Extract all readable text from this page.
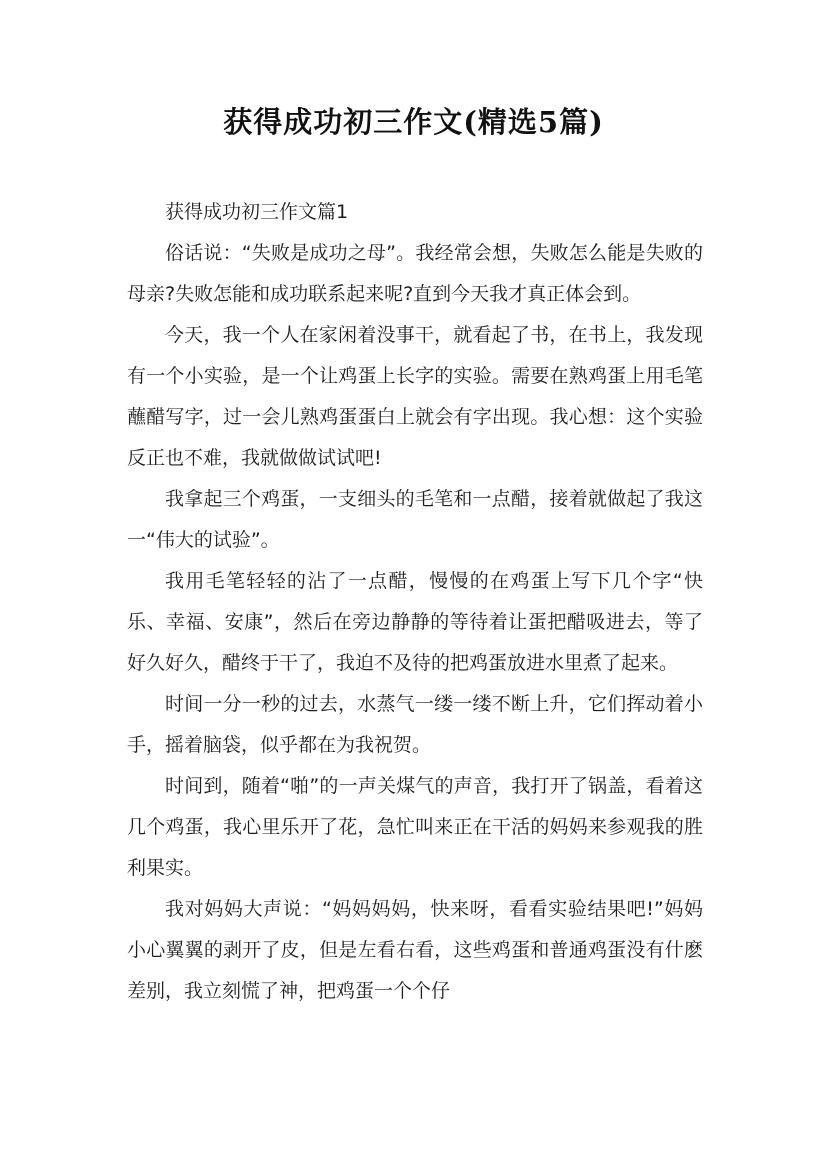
获得成功初三作文(精选5篇)

获得成功初三作文篇1

俗话说：“失败是成功之母”。我经常会想，失败怎么能是失败的母亲?失败怎能和成功联系起来呢?直到今天我才真正体会到。

今天，我一个人在家闲着没事干，就看起了书，在书上，我发现有一个小实验，是一个让鸡蛋上长字的实验。需要在熟鸡蛋上用毛笔蘸醋写字，过一会儿熟鸡蛋蛋白上就会有字出现。我心想：这个实验反正也不难，我就做做试试吧!

我拿起三个鸡蛋，一支细头的毛笔和一点醋，接着就做起了我这一“伟大的试验”。

我用毛笔轻轻的沾了一点醋，慢慢的在鸡蛋上写下几个字“快乐、幸福、安康”，然后在旁边静静的等待着让蛋把醋吸进去，等了好久好久，醋终于干了，我迫不及待的把鸡蛋放进水里煮了起来。

时间一分一秒的过去，水蒸气一缕一缕不断上升，它们挥动着小手，摇着脑袋，似乎都在为我祝贺。

时间到，随着“啪”的一声关煤气的声音，我打开了锅盖，看着这几个鸡蛋，我心里乐开了花，急忙叫来正在干活的妈妈来参观我的胜利果实。

我对妈妈大声说：“妈妈妈妈，快来呀，看看实验结果吧!”妈妈小心翼翼的剥开了皮，但是左看右看，这些鸡蛋和普通鸡蛋没有什麽差别，我立刻慌了神，把鸡蛋一个个仔
